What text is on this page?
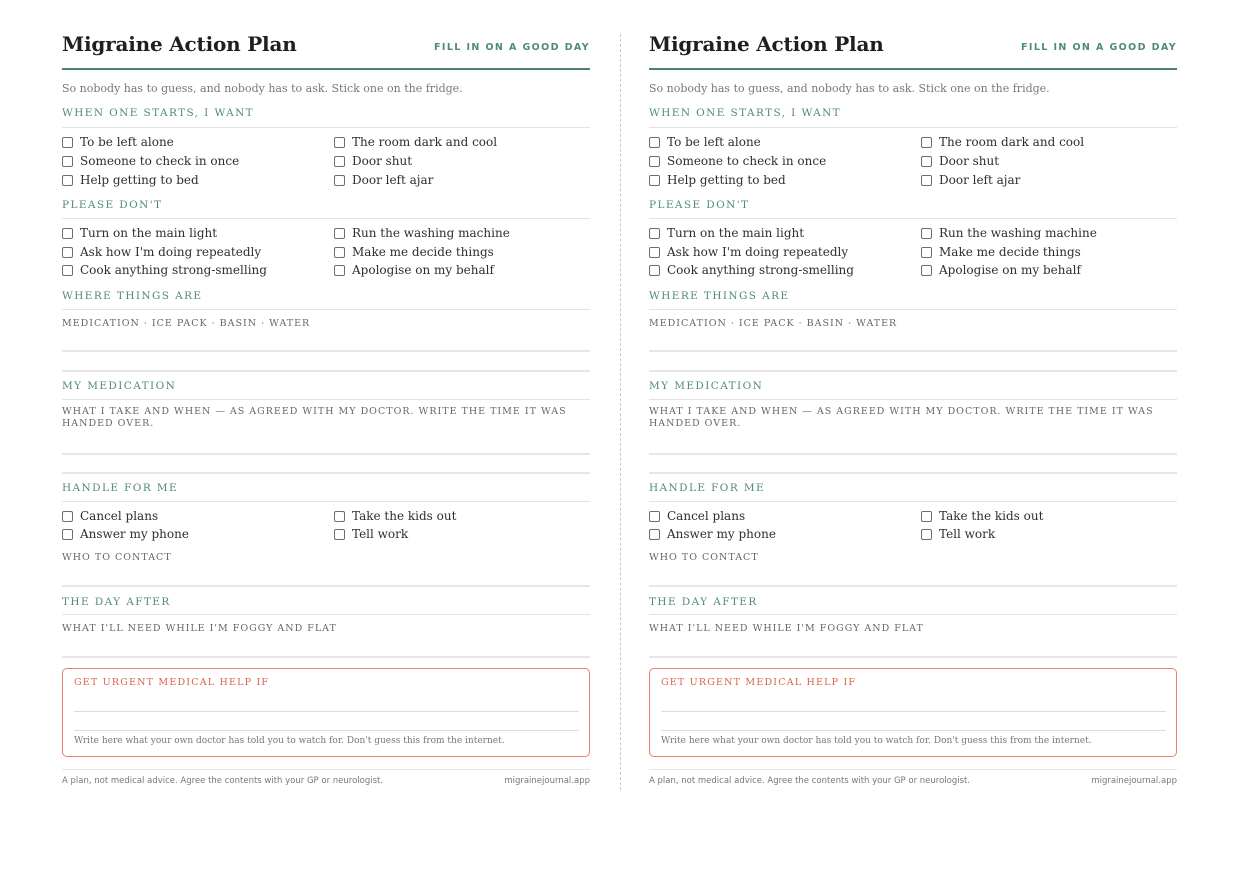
Migraine Action Plan	FILL IN ON A GOOD DAY
So nobody has to guess, and nobody has to ask. Stick one on the fridge.
WHEN ONE STARTS, I WANT
To be left alone
Someone to check in once
Help getting to bed
The room dark and cool
Door shut
Door left ajar
PLEASE DON'T
Turn on the main light
Ask how I'm doing repeatedly
Cook anything strong-smelling
Run the washing machine
Make me decide things
Apologise on my behalf
WHERE THINGS ARE
MEDICATION · ICE PACK · BASIN · WATER
MY MEDICATION
WHAT I TAKE AND WHEN — AS AGREED WITH MY DOCTOR. WRITE THE TIME IT WAS HANDED OVER.
HANDLE FOR ME
Cancel plans
Answer my phone
Take the kids out
Tell work
WHO TO CONTACT
THE DAY AFTER
WHAT I'LL NEED WHILE I'M FOGGY AND FLAT
GET URGENT MEDICAL HELP IF
Write here what your own doctor has told you to watch for. Don't guess this from the internet.
A plan, not medical advice. Agree the contents with your GP or neurologist.	migrainejournal.app
Migraine Action Plan	FILL IN ON A GOOD DAY
So nobody has to guess, and nobody has to ask. Stick one on the fridge.
WHEN ONE STARTS, I WANT
To be left alone
Someone to check in once
Help getting to bed
The room dark and cool
Door shut
Door left ajar
PLEASE DON'T
Turn on the main light
Ask how I'm doing repeatedly
Cook anything strong-smelling
Run the washing machine
Make me decide things
Apologise on my behalf
WHERE THINGS ARE
MEDICATION · ICE PACK · BASIN · WATER
MY MEDICATION
WHAT I TAKE AND WHEN — AS AGREED WITH MY DOCTOR. WRITE THE TIME IT WAS HANDED OVER.
HANDLE FOR ME
Cancel plans
Answer my phone
Take the kids out
Tell work
WHO TO CONTACT
THE DAY AFTER
WHAT I'LL NEED WHILE I'M FOGGY AND FLAT
GET URGENT MEDICAL HELP IF
Write here what your own doctor has told you to watch for. Don't guess this from the internet.
A plan, not medical advice. Agree the contents with your GP or neurologist.	migrainejournal.app
